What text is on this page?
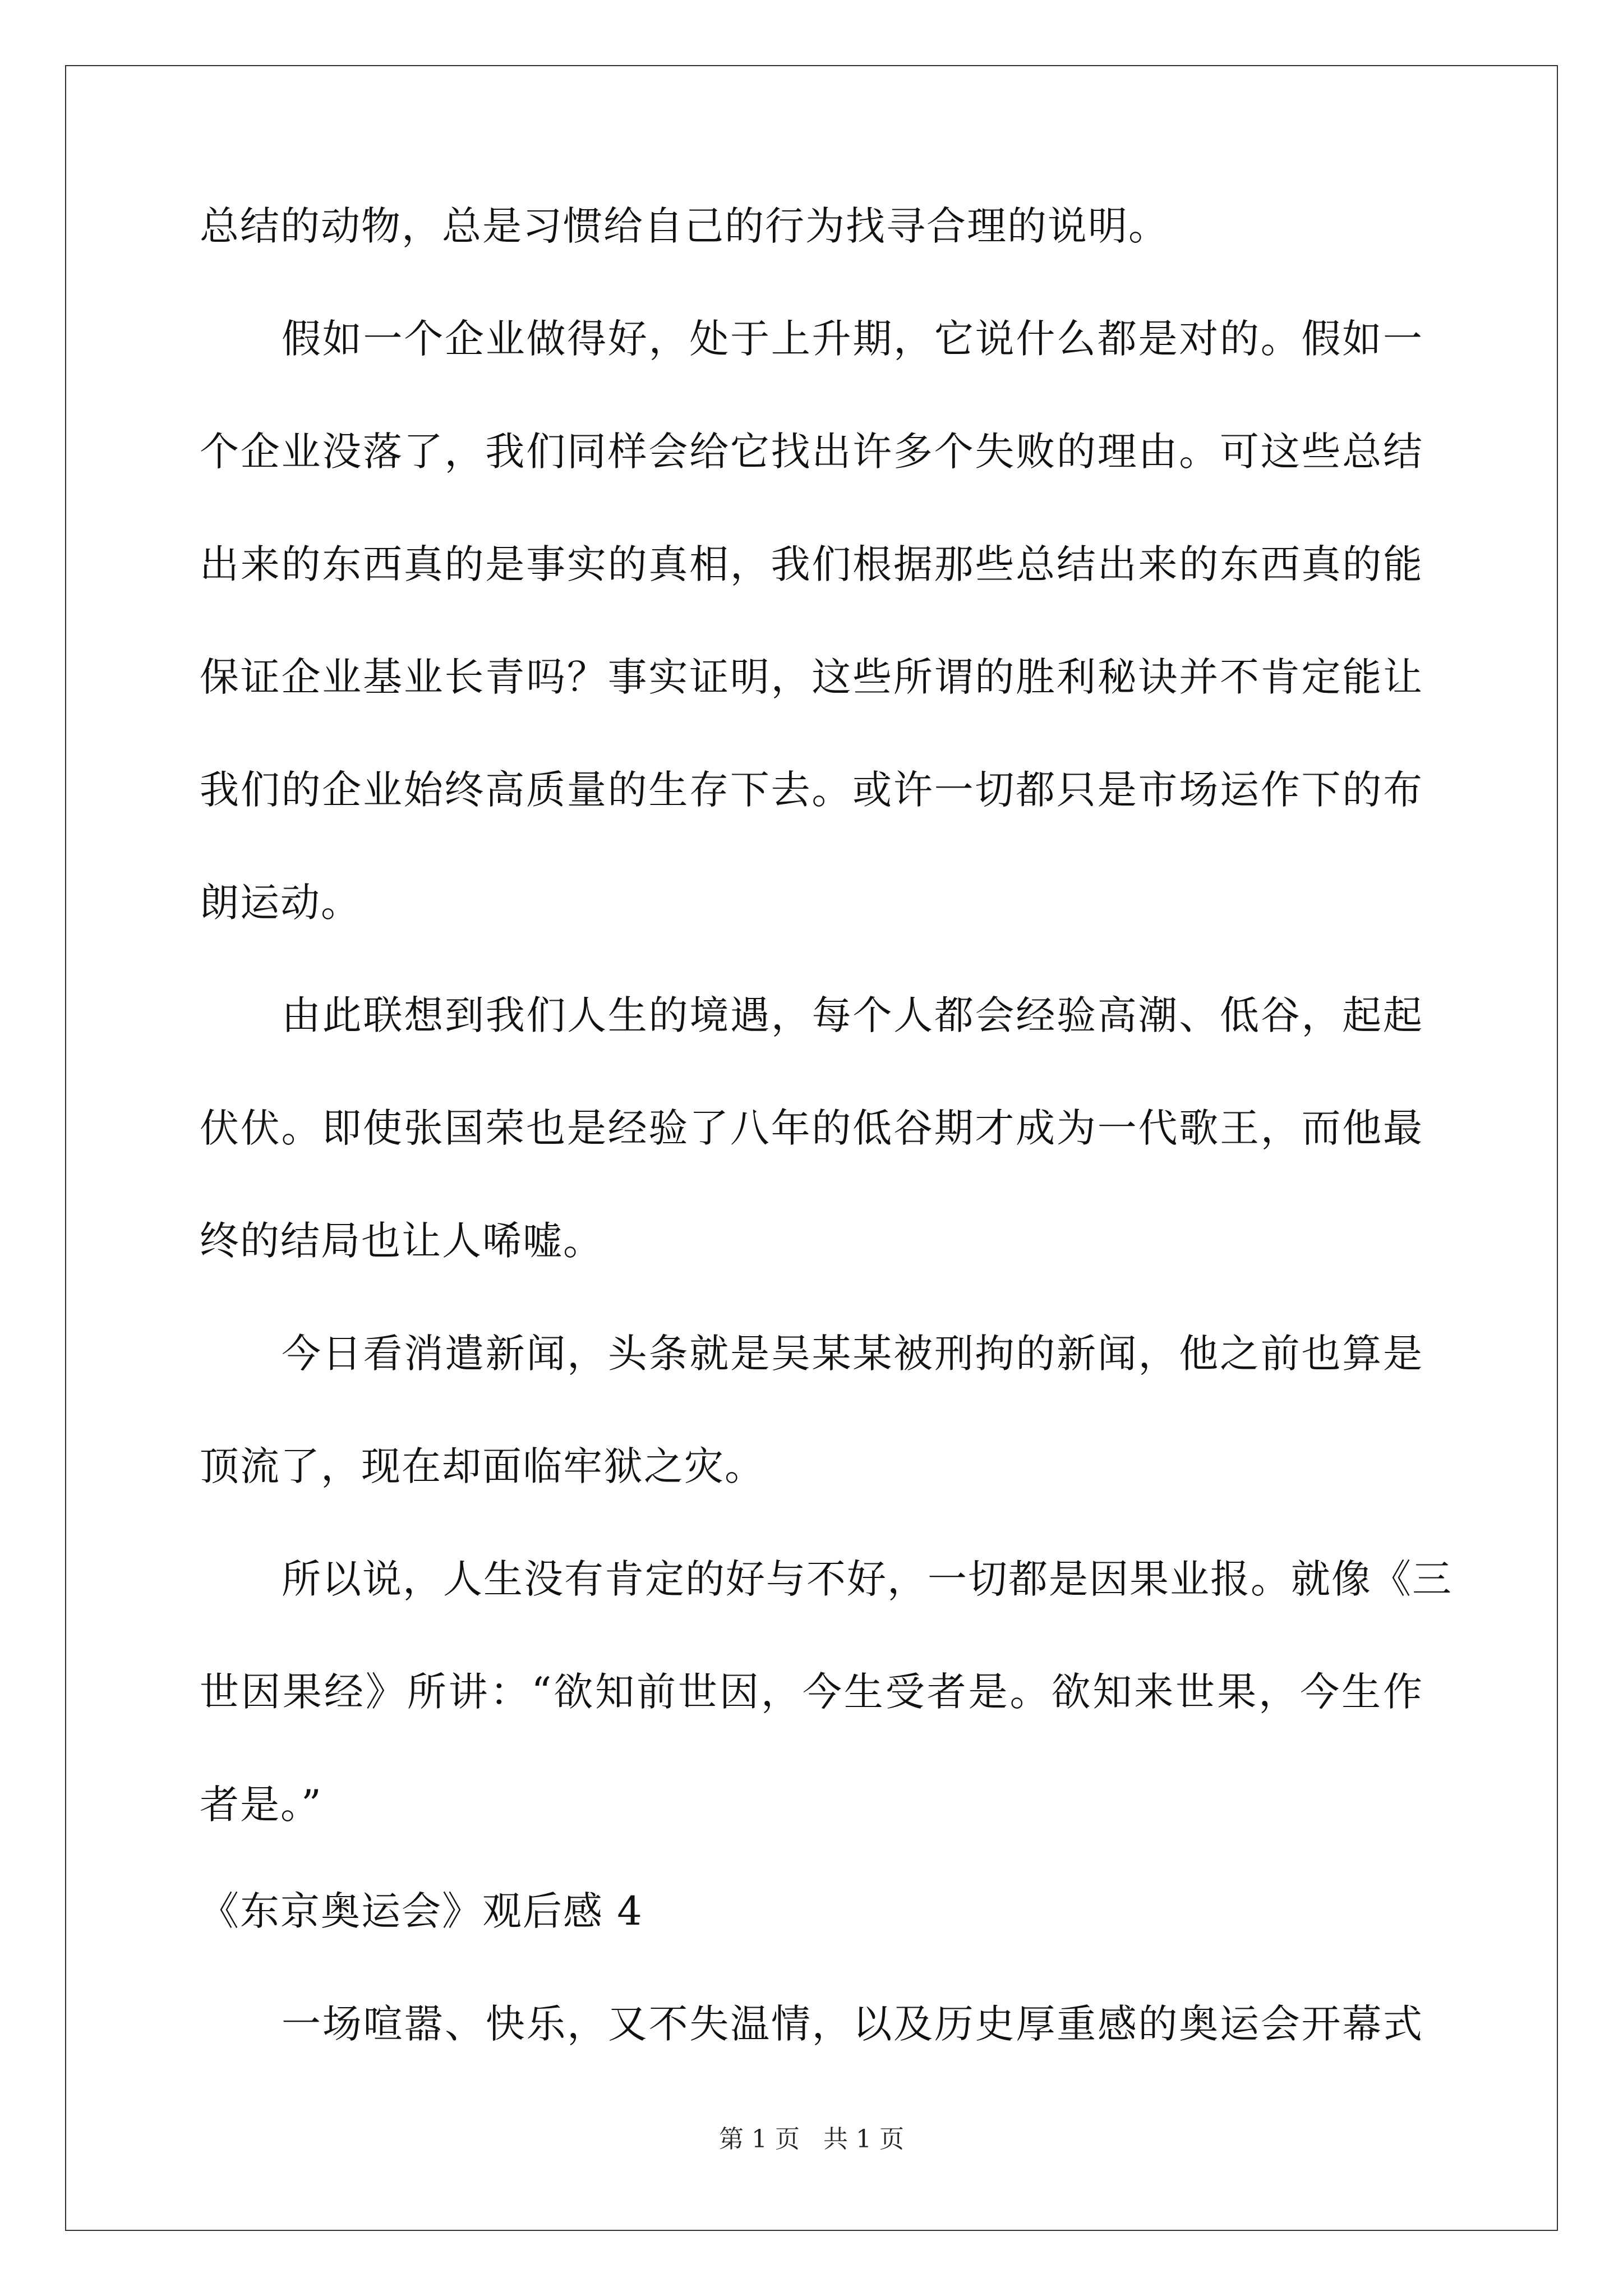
总结的动物，总是习惯给自己的行为找寻合理的说明。
假如一个企业做得好，处于上升期，它说什么都是对的。假如一
个企业没落了，我们同样会给它找出许多个失败的理由。可这些总结
出来的东西真的是事实的真相，我们根据那些总结出来的东西真的能
保证企业基业长青吗？事实证明，这些所谓的胜利秘诀并不肯定能让
我们的企业始终高质量的生存下去。或许一切都只是市场运作下的布
朗运动。
由此联想到我们人生的境遇，每个人都会经验高潮、低谷，起起
伏伏。即使张国荣也是经验了八年的低谷期才成为一代歌王，而他最
终的结局也让人唏嘘。
今日看消遣新闻，头条就是吴某某被刑拘的新闻，他之前也算是
顶流了，现在却面临牢狱之灾。
所以说，人生没有肯定的好与不好，一切都是因果业报。就像《三
世因果经》所讲：“欲知前世因，今生受者是。欲知来世果，今生作
者是。”
《东京奥运会》观后感 4
一场喧嚣、快乐，又不失温情，以及历史厚重感的奥运会开幕式
第 1 页 共 1 页
